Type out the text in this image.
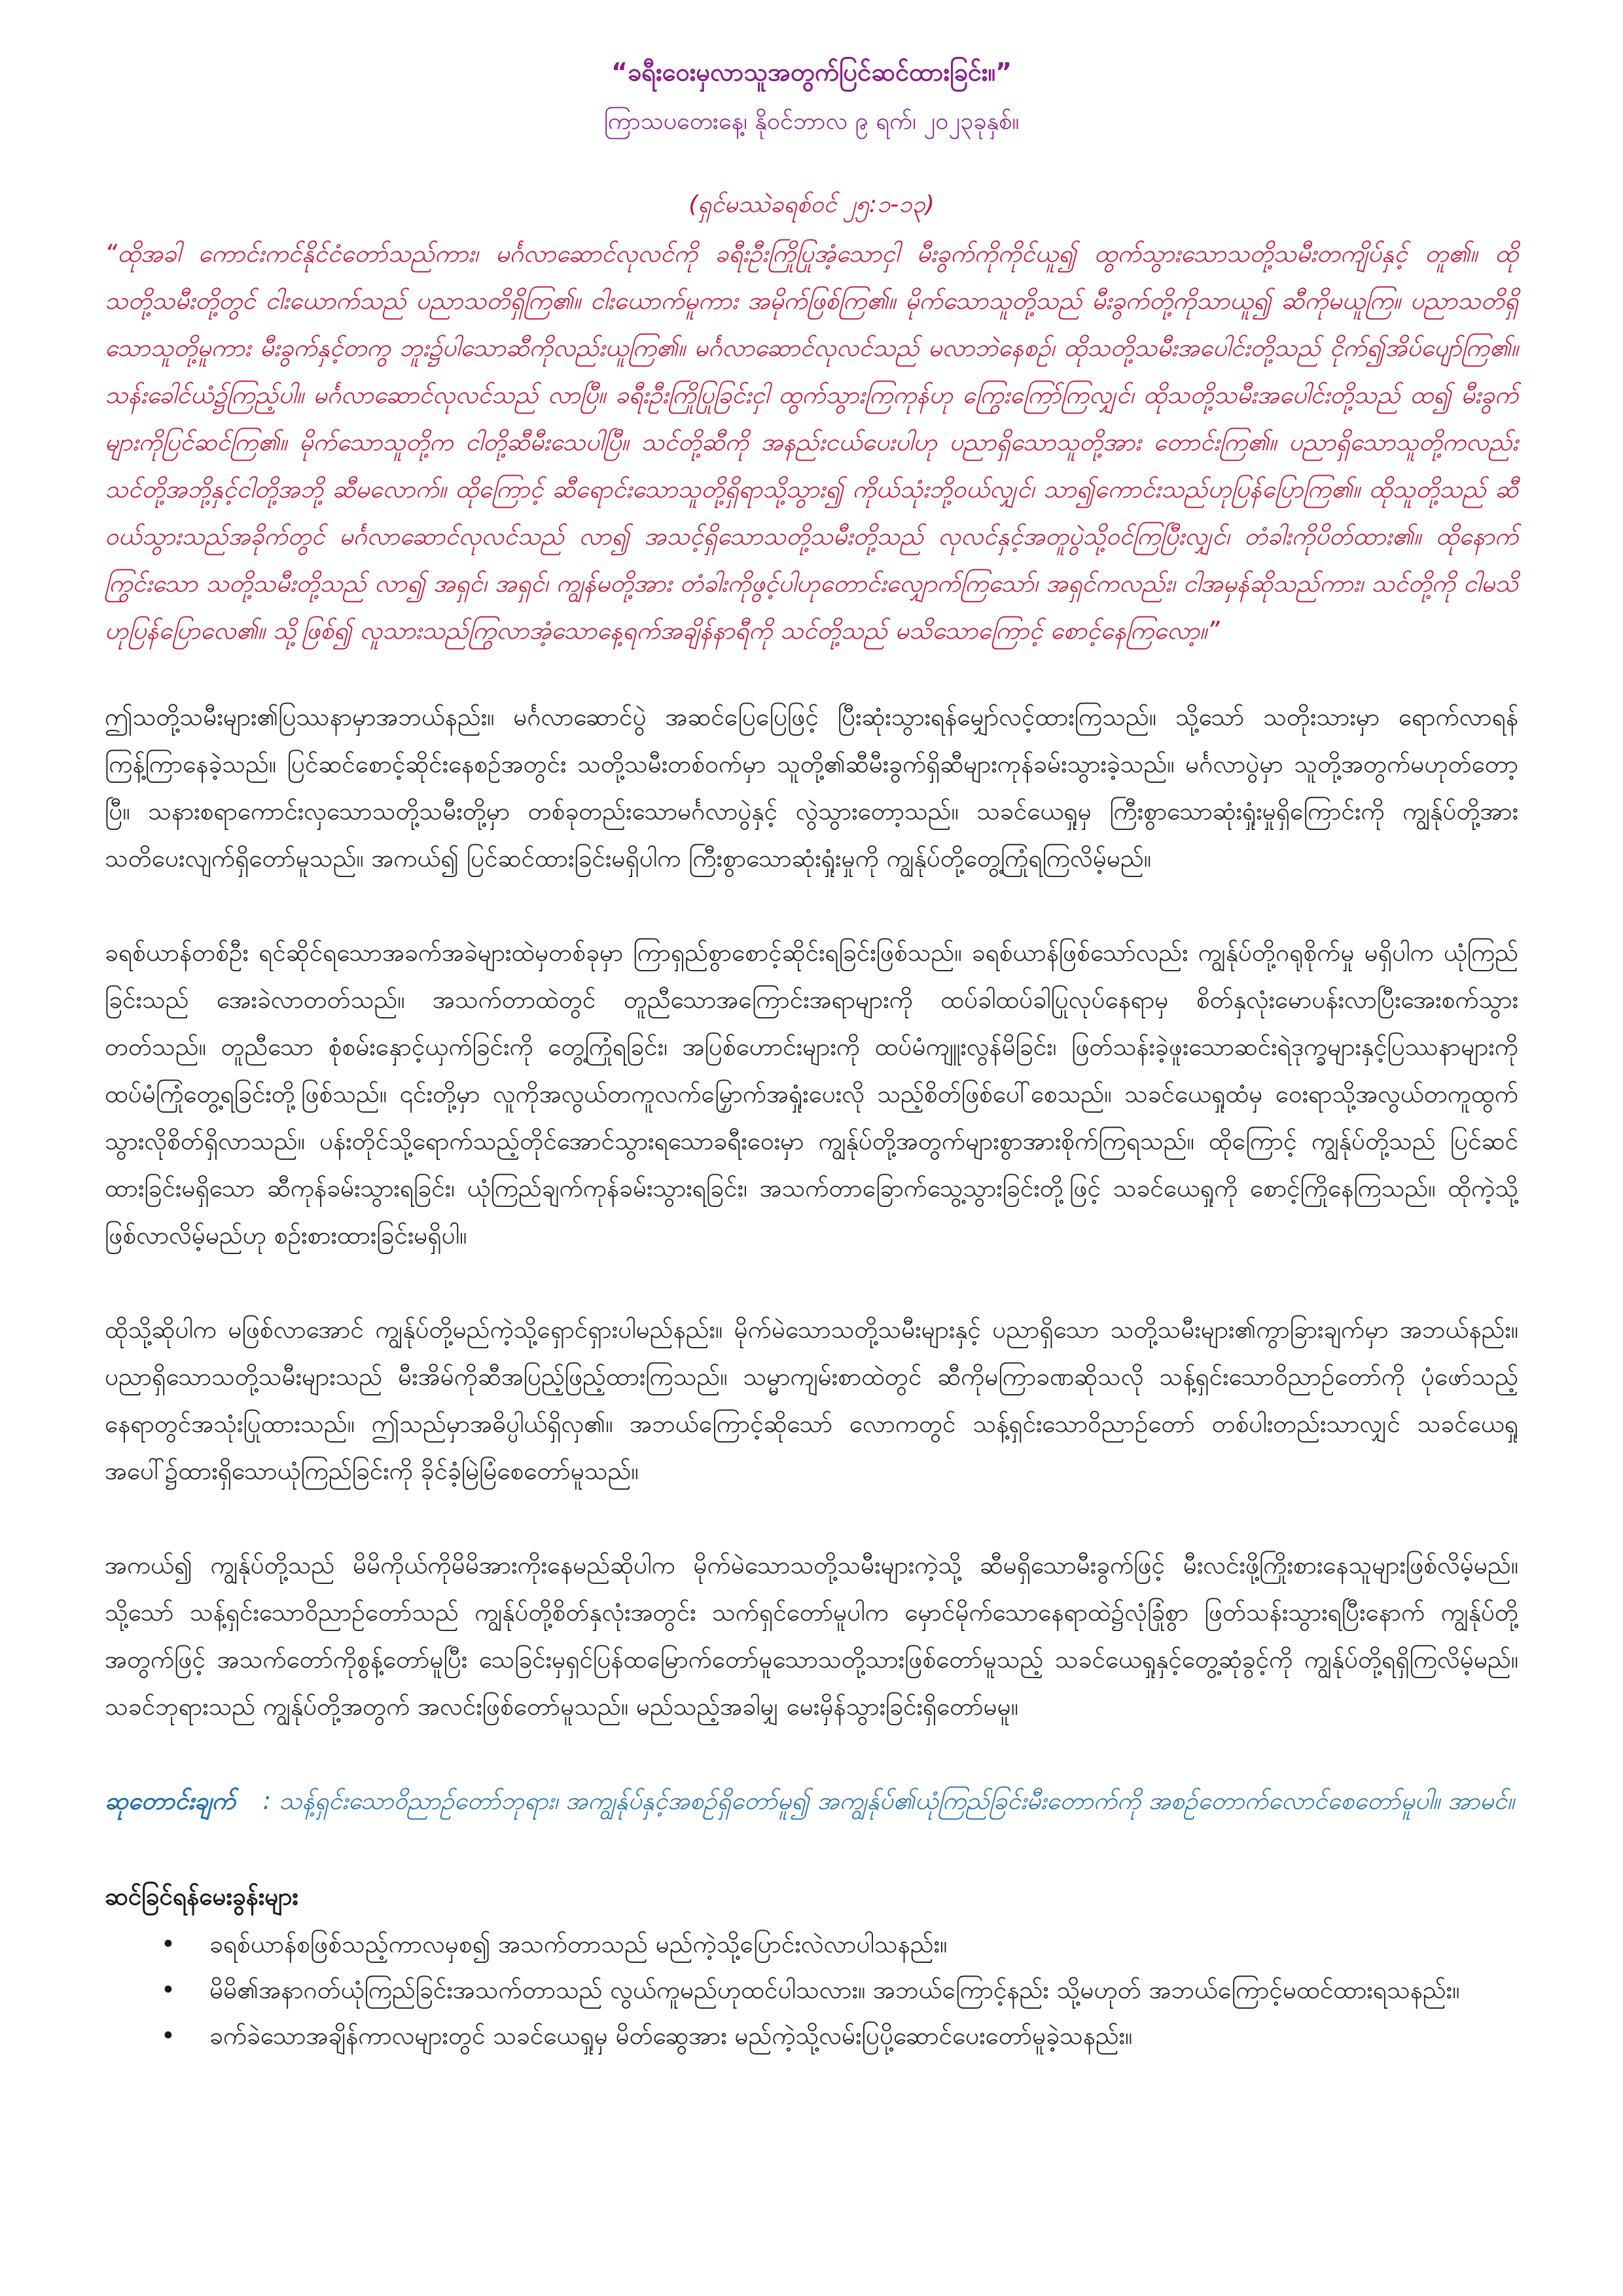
“ခရီးဝေးမှလာသူအတွက်ပြင်ဆင်ထားခြင်း။”
ကြာသပတေးနေ့၊ နိုဝင်ဘာလ ၉ ရက်၊ ၂၀၂၃ခုနှစ်။
(ရှင်မဿဲခရစ်ဝင် ၂၅:၁-၁၃)
“ထိုအခါ ကောင်းကင်နိုင်ငံတော်သည်ကား၊ မင်္ဂလာဆောင်လုလင်ကို ခရီးဦးကြိုပြုအံ့သောငှါ မီးခွက်ကိုကိုင်ယူ၍ ထွက်သွားသောသတို့သမီးတကျိပ်နှင့် တူ၏။ ထိုသတို့သမီးတို့တွင် ငါးယောက်သည် ပညာသတိရှိကြ၏။ ငါးယောက်မူကား အမိုက်ဖြစ်ကြ၏။ မိုက်သောသူတို့သည် မီးခွက်တို့ကိုသာယူ၍ ဆီကိုမယူကြ။ ပညာသတိရှိသောသူတို့မူကား မီးခွက်နှင့်တကွ ဘူး၌ပါသောဆီကိုလည်းယူကြ၏။ မင်္ဂလာဆောင်လုလင်သည် မလာဘဲနေစဉ်၊ ထိုသတို့သမီးအပေါင်းတို့သည် ငိုက်၍အိပ်ပျော်ကြ၏။ သန်းခေါင်ယံ၌ကြည့်ပါ။ မင်္ဂလာဆောင်လုလင်သည် လာပြီ။ ခရီးဦးကြိုပြုခြင်းငှါ ထွက်သွားကြကုန်ဟု ကြွေးကြော်ကြလျှင်၊ ထိုသတို့သမီးအပေါင်းတို့သည် ထ၍ မီးခွက်များကိုပြင်ဆင်ကြ၏။ မိုက်သောသူတို့က ငါတို့ဆီမီးသေပါပြီ။ သင်တို့ဆီကို အနည်းငယ်ပေးပါဟု ပညာရှိသောသူတို့အား တောင်းကြ၏။ ပညာရှိသောသူတို့ကလည်း သင်တို့အဘို့နှင့်ငါတို့အဘို့ ဆီမလောက်။ ထိုကြောင့် ဆီရောင်းသောသူတို့ရှိရာသို့သွား၍ ကိုယ်သုံးဘို့ဝယ်လျှင်၊ သာ၍ကောင်းသည်ဟုပြန်ပြောကြ၏။ ထိုသူတို့သည် ဆီဝယ်သွားသည်အခိုက်တွင် မင်္ဂလာဆောင်လုလင်သည် လာ၍ အသင့်ရှိသောသတို့သမီးတို့သည် လုလင်နှင့်အတူပွဲသို့ဝင်ကြပြီးလျှင်၊ တံခါးကိုပိတ်ထား၏။ ထိုနောက်ကြွင်းသော သတို့သမီးတို့သည် လာ၍ အရှင်၊ အရှင်၊ ကျွန်မတို့အား တံခါးကိုဖွင့်ပါဟုတောင်းလျှောက်ကြသော်၊ အရှင်ကလည်း၊ ငါအမှန်ဆိုသည်ကား၊ သင်တို့ကို ငါမသိဟုပြန်ပြောလေ၏။ သို့ဖြစ်၍ လူသားသည်ကြွလာအံ့သောနေ့ရက်အချိန်နာရီကို သင်တို့သည် မသိသောကြောင့် စောင့်နေကြလော့။”
ဤသတို့သမီးများ၏ပြဿနာမှာအဘယ်နည်း။ မင်္ဂလာဆောင်ပွဲ အဆင်ပြေပြေဖြင့် ပြီးဆုံးသွားရန်မျှော်လင့်ထားကြသည်။ သို့သော် သတိုးသားမှာ ရောက်လာရန်ကြန့်ကြာနေခဲ့သည်။ ပြင်ဆင်စောင့်ဆိုင်းနေစဉ်အတွင်း သတို့သမီးတစ်ဝက်မှာ သူတို့၏ဆီမီးခွက်ရှိဆီများကုန်ခမ်းသွားခဲ့သည်။ မင်္ဂလာပွဲမှာ သူတို့အတွက်မဟုတ်တော့ပြီ။ သနားစရာကောင်းလှသောသတို့သမီးတို့မှာ တစ်ခုတည်းသောမင်္ဂလာပွဲနှင့် လွဲသွားတော့သည်။ သခင်ယေရှုမှ ကြီးစွာသောဆုံးရှုံးမှုရှိကြောင်းကို ကျွန်ုပ်တို့အားသတိပေးလျက်ရှိတော်မူသည်။ အကယ်၍ ပြင်ဆင်ထားခြင်းမရှိပါက ကြီးစွာသောဆုံးရှုံးမှုကို ကျွန်ုပ်တို့တွေ့ကြုံရကြလိမ့်မည်။
ခရစ်ယာန်တစ်ဦး ရင်ဆိုင်ရသောအခက်အခဲများထဲမှတစ်ခုမှာ ကြာရှည်စွာစောင့်ဆိုင်းရခြင်းဖြစ်သည်။ ခရစ်ယာန်ဖြစ်သော်လည်း ကျွန်ုပ်တို့ဂရုစိုက်မှု မရှိပါက ယုံကြည်ခြင်းသည် အေးခဲလာတတ်သည်။ အသက်တာထဲတွင် တူညီသောအကြောင်းအရာများကို ထပ်ခါထပ်ခါပြုလုပ်နေရာမှ စိတ်နှလုံးမောပန်းလာပြီးအေးစက်သွားတတ်သည်။ တူညီသော စုံစမ်းနှောင့်ယှက်ခြင်းကို တွေ့ကြုံရခြင်း၊ အပြစ်ဟောင်းများကို ထပ်မံကျူးလွန်မိခြင်း၊ ဖြတ်သန်းခဲ့ဖူးသောဆင်းရဲဒုက္ခများနှင့်ပြဿနာများကို ထပ်မံကြုံတွေ့ရခြင်းတို့ဖြစ်သည်။ ၎င်းတို့မှာ လူကိုအလွယ်တကူလက်မြှောက်အရှုံးပေးလို သည့်စိတ်ဖြစ်ပေါ်စေသည်။ သခင်ယေရှုထံမှ ဝေးရာသို့အလွယ်တကူထွက်သွားလိုစိတ်ရှိလာသည်။ ပန်းတိုင်သို့ရောက်သည့်တိုင်အောင်သွားရသောခရီးဝေးမှာ ကျွန်ုပ်တို့အတွက်များစွာအားစိုက်ကြရသည်။ ထိုကြောင့် ကျွန်ုပ်တို့သည် ပြင်ဆင်ထားခြင်းမရှိသော ဆီကုန်ခမ်းသွားရခြင်း၊ ယုံကြည်ချက်ကုန်ခမ်းသွားရခြင်း၊ အသက်တာခြောက်သွေ့သွားခြင်းတို့ဖြင့် သခင်ယေရှုကို စောင့်ကြိုနေကြသည်။ ထိုကဲ့သို့ဖြစ်လာလိမ့်မည်ဟု စဉ်းစားထားခြင်းမရှိပါ။
ထိုသို့ဆိုပါက မဖြစ်လာအောင် ကျွန်ုပ်တို့မည်ကဲ့သို့ရှောင်ရှားပါမည်နည်း။ မိုက်မဲသောသတို့သမီးများနှင့် ပညာရှိသော သတို့သမီးများ၏ကွာခြားချက်မှာ အဘယ်နည်း။ ပညာရှိသောသတို့သမီးများသည် မီးအိမ်ကိုဆီအပြည့်ဖြည့်ထားကြသည်။ သမ္မာကျမ်းစာထဲတွင် ဆီကိုမကြာခဏဆိုသလို သန့်ရှင်းသောဝိညာဉ်တော်ကို ပုံဖော်သည့်နေရာတွင်အသုံးပြုထားသည်။ ဤသည်မှာအဓိပ္ပါယ်ရှိလှ၏။ အဘယ်ကြောင့်ဆိုသော် လောကတွင် သန့်ရှင်းသောဝိညာဉ်တော် တစ်ပါးတည်းသာလျှင် သခင်ယေရှုအပေါ်၌ထားရှိသောယုံကြည်ခြင်းကို ခိုင်ခံ့မြဲမြံစေတော်မူသည်။
အကယ်၍ ကျွန်ုပ်တို့သည် မိမိကိုယ်ကိုမိမိအားကိုးနေမည်ဆိုပါက မိုက်မဲသောသတို့သမီးများကဲ့သို့ ဆီမရှိသောမီးခွက်ဖြင့် မီးလင်းဖို့ကြိုးစားနေသူများဖြစ်လိမ့်မည်။ သို့သော် သန့်ရှင်းသောဝိညာဉ်တော်သည် ကျွန်ုပ်တို့စိတ်နှလုံးအတွင်း သက်ရှင်တော်မူပါက မှောင်မိုက်သောနေရာထဲ၌လုံခြုံစွာ ဖြတ်သန်းသွားရပြီးနောက် ကျွန်ုပ်တို့အတွက်ဖြင့် အသက်တော်ကိုစွန့်တော်မူပြီး သေခြင်းမှရှင်ပြန်ထမြောက်တော်မူသောသတို့သားဖြစ်တော်မူသည့် သခင်ယေရှုနှင့်တွေ့ဆုံခွင့်ကို ကျွန်ုပ်တို့ရရှိကြလိမ့်မည်။ သခင်ဘုရားသည် ကျွန်ုပ်တို့အတွက် အလင်းဖြစ်တော်မူသည်။ မည်သည့်အခါမျှ မေးမှိန်သွားခြင်းရှိတော်မမူ။
ဆုတောင်းချက် : သန့်ရှင်းသောဝိညာဉ်တော်ဘုရား၊ အကျွန်ုပ်နှင့်အစဉ်ရှိတော်မူ၍ အကျွန်ုပ်၏ယုံကြည်ခြင်းမီးတောက်ကို အစဉ်တောက်လောင်စေတော်မူပါ။ အာမင်။
ဆင်ခြင်ရန်မေးခွန်းများ
• ခရစ်ယာန်စဖြစ်သည့်ကာလမှစ၍ အသက်တာသည် မည်ကဲ့သို့ပြောင်းလဲလာပါသနည်း။
• မိမိ၏အနာဂတ်ယုံကြည်ခြင်းအသက်တာသည် လွယ်ကူမည်ဟုထင်ပါသလား။ အဘယ်ကြောင့်နည်း သို့မဟုတ် အဘယ်ကြောင့်မထင်ထားရသနည်း။
• ခက်ခဲသောအချိန်ကာလများတွင် သခင်ယေရှုမှ မိတ်ဆွေအား မည်ကဲ့သို့လမ်းပြပို့ဆောင်ပေးတော်မူခဲ့သနည်း။
